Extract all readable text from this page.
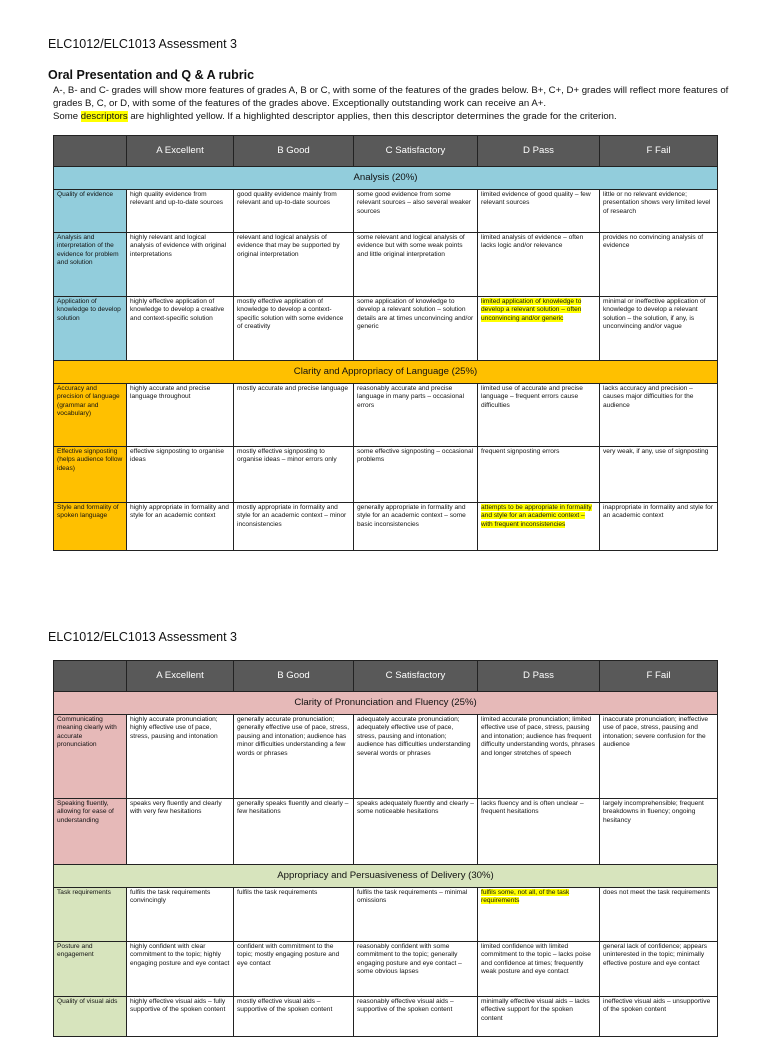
ELC1012/ELC1013 Assessment 3
Oral Presentation and Q & A rubric
A-, B- and C- grades will show more features of grades A, B or C, with some of the features of the grades below. B+, C+, D+ grades will reflect more features of grades B, C, or D, with some of the features of the grades above. Exceptionally outstanding work can receive an A+.
Some descriptors are highlighted yellow. If a highlighted descriptor applies, then this descriptor determines the grade for the criterion.
	A Excellent	B Good	C Satisfactory	D Pass	F Fail
Analysis (20%)					
Quality of evidence	high quality evidence from relevant and up-to-date sources	good quality evidence mainly from relevant and up-to-date sources	some good evidence from some relevant sources – also several weaker sources	limited evidence of good quality – few relevant sources	little or no relevant evidence; presentation shows very limited level of research
Analysis and interpretation of the evidence for problem and solution	highly relevant and logical analysis of evidence with original interpretations	relevant and logical analysis of evidence that may be supported by original interpretation	some relevant and logical analysis of evidence but with some weak points and little original interpretation	limited analysis of evidence – often lacks logic and/or relevance	provides no convincing analysis of evidence
Application of knowledge to develop solution	highly effective application of knowledge to develop a creative and context-specific solution	mostly effective application of knowledge to develop a context-specific solution with some evidence of creativity	some application of knowledge to develop a relevant solution – solution details are at times unconvincing and/or generic	limited application of knowledge to develop a relevant solution – often unconvincing and/or generic	minimal or ineffective application of knowledge to develop a relevant solution – the solution, if any, is unconvincing and/or vague
Clarity and Appropriacy of Language (25%)					
Accuracy and precision of language (grammar and vocabulary)	highly accurate and precise language throughout	mostly accurate and precise language	reasonably accurate and precise language in many parts – occasional errors	limited use of accurate and precise language – frequent errors cause difficulties	lacks accuracy and precision – causes major difficulties for the audience
Effective signposting (helps audience follow ideas)	effective signposting to organise ideas	mostly effective signposting to organise ideas – minor errors only	some effective signposting – occasional problems	frequent signposting errors	very weak, if any, use of signposting
Style and formality of spoken language	highly appropriate in formality and style for an academic context	mostly appropriate in formality and style for an academic context – minor inconsistencies	generally appropriate in formality and style for an academic context – some basic inconsistencies	attempts to be appropriate in formality and style for an academic context – with frequent inconsistencies	inappropriate in formality and style for an academic context
ELC1012/ELC1013 Assessment 3
	A Excellent	B Good	C Satisfactory	D Pass	F Fail
Clarity of Pronunciation and Fluency (25%)					
Communicating meaning clearly with accurate pronunciation	highly accurate pronunciation; highly effective use of pace, stress, pausing and intonation	generally accurate pronunciation; generally effective use of pace, stress, pausing and intonation; audience has minor difficulties understanding a few words or phrases	adequately accurate pronunciation; adequately effective use of pace, stress, pausing and intonation; audience has difficulties understanding several words or phrases	limited accurate pronunciation; limited effective use of pace, stress, pausing and intonation; audience has frequent difficulty understanding words, phrases and longer stretches of speech	inaccurate pronunciation; ineffective use of pace, stress, pausing and intonation; severe confusion for the audience
Speaking fluently, allowing for ease of understanding	speaks very fluently and clearly with very few hesitations	generally speaks fluently and clearly – few hesitations	speaks adequately fluently and clearly – some noticeable hesitations	lacks fluency and is often unclear – frequent hesitations	largely incomprehensible; frequent breakdowns in fluency; ongoing hesitancy
Appropriacy and Persuasiveness of Delivery (30%)					
Task requirements	fulfils the task requirements convincingly	fulfils the task requirements	fulfils the task requirements – minimal omissions	fulfils some, not all, of the task requirements	does not meet the task requirements
Posture and engagement	highly confident with clear commitment to the topic; highly engaging posture and eye contact	confident with commitment to the topic; mostly engaging posture and eye contact	reasonably confident with some commitment to the topic; generally engaging posture and eye contact – some obvious lapses	limited confidence with limited commitment to the topic – lacks poise and confidence at times; frequently weak posture and eye contact	general lack of confidence; appears uninterested in the topic; minimally effective posture and eye contact
Quality of visual aids	highly effective visual aids – fully supportive of the spoken content	mostly effective visual aids – supportive of the spoken content	reasonably effective visual aids – supportive of the spoken content	minimally effective visual aids – lacks effective support for the spoken content	ineffective visual aids – unsupportive of the spoken content
